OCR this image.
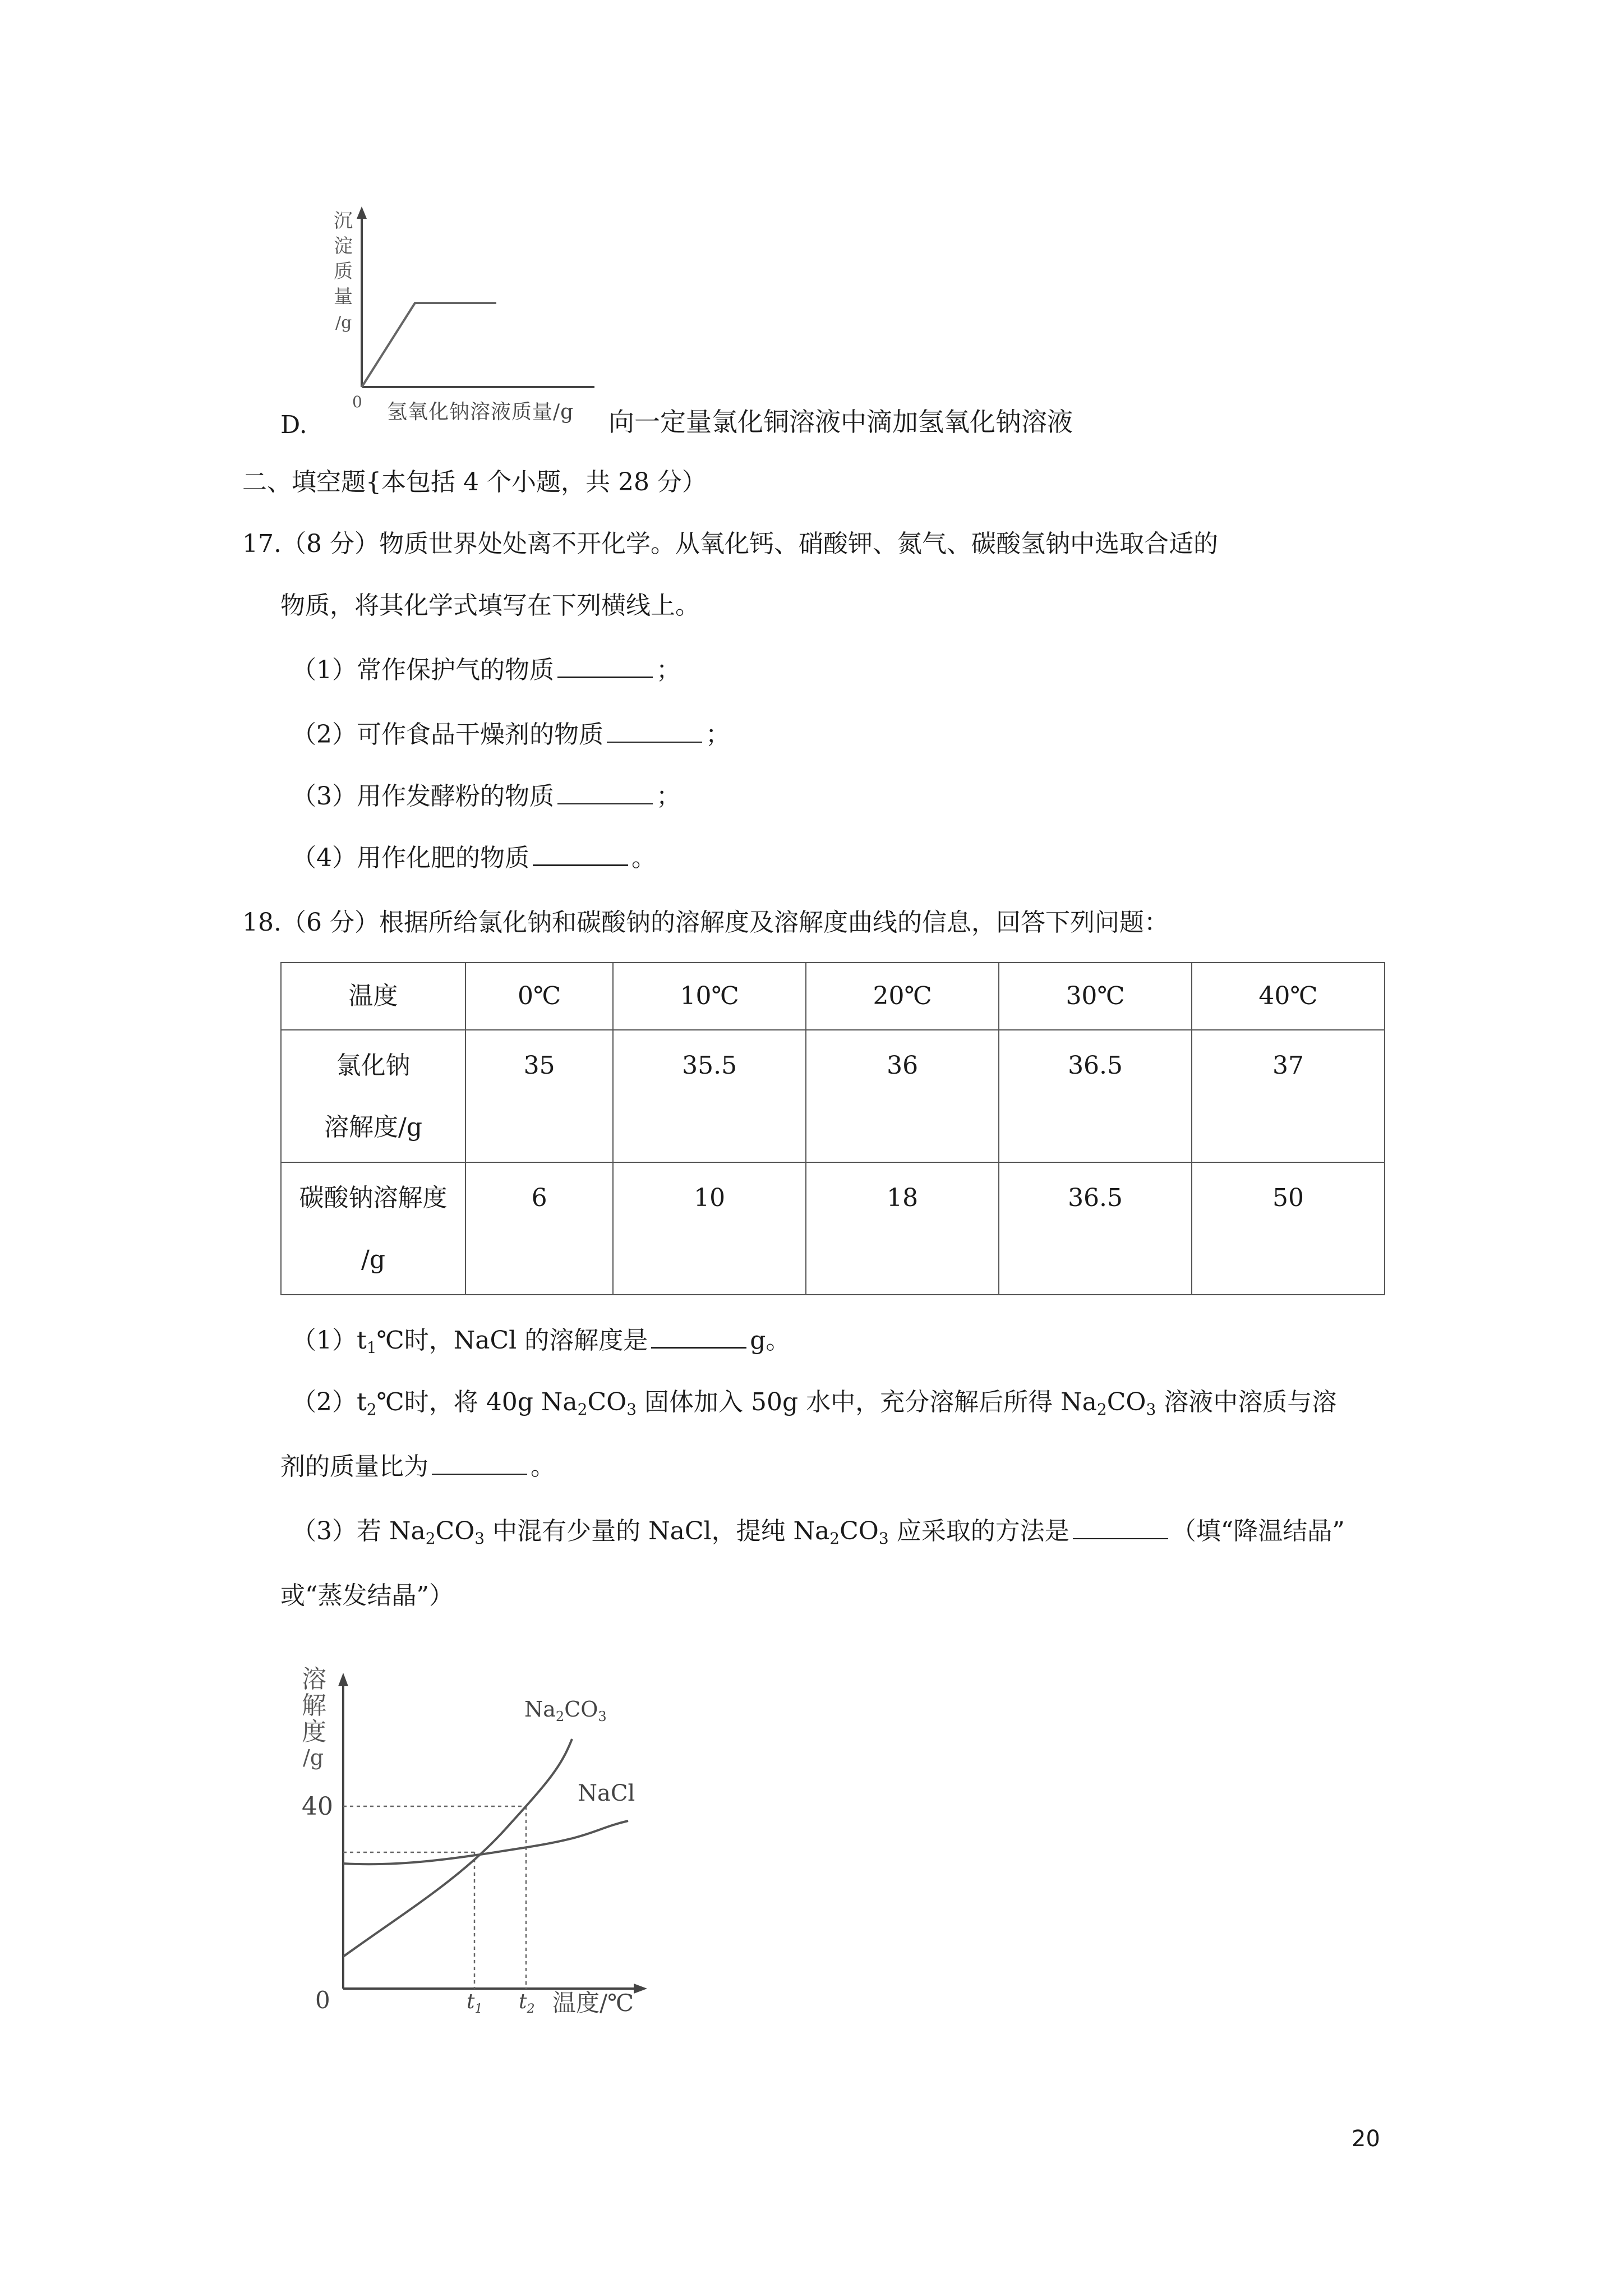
沉
淀
质
量
/g
0 氢氧化钠溶液质量/g
D.	向一定量氯化铜溶液中滴加氢氧化钠溶液
二、填空题{本包括 4 个小题，共 28 分）
17.（8 分）物质世界处处离不开化学。从氧化钙、硝酸钾、氮气、碳酸氢钠中选取合适的
物质，将其化学式填写在下列横线上。
（1）常作保护气的物质	；
（2）可作食品干燥剂的物质	；
（3）用作发酵粉的物质	；
（4）用作化肥的物质	。
18.（6 分）根据所给氯化钠和碳酸钠的溶解度及溶解度曲线的信息，回答下列问题：
温度	0℃	10℃	20℃	30℃	40℃

氯化钠
溶解度/g	35	35.5	36	36.5	37

碳酸钠溶解度
/g	6	10	18	36.5	50
$(1)t_1℃$时，NaCl 的溶解度是	g。
$(2)t_2℃$时，将 40g $Na_2CO_3$ 固体加入 50g 水中，充分溶解后所得 $Na_2CO_3$ 溶液中溶质与溶
剂的质量比为	。
（3）若 $Na_2CO_3$ 中混有少量的 NaCl，提纯 $Na_2CO_3$ 应采取的方法是	（填“降温结晶”
或“蒸发结晶”）
溶
解
度
/g
40
0	$t_1$ $t_2$ 温度/℃
$Na_2CO_3$
NaCl
20
